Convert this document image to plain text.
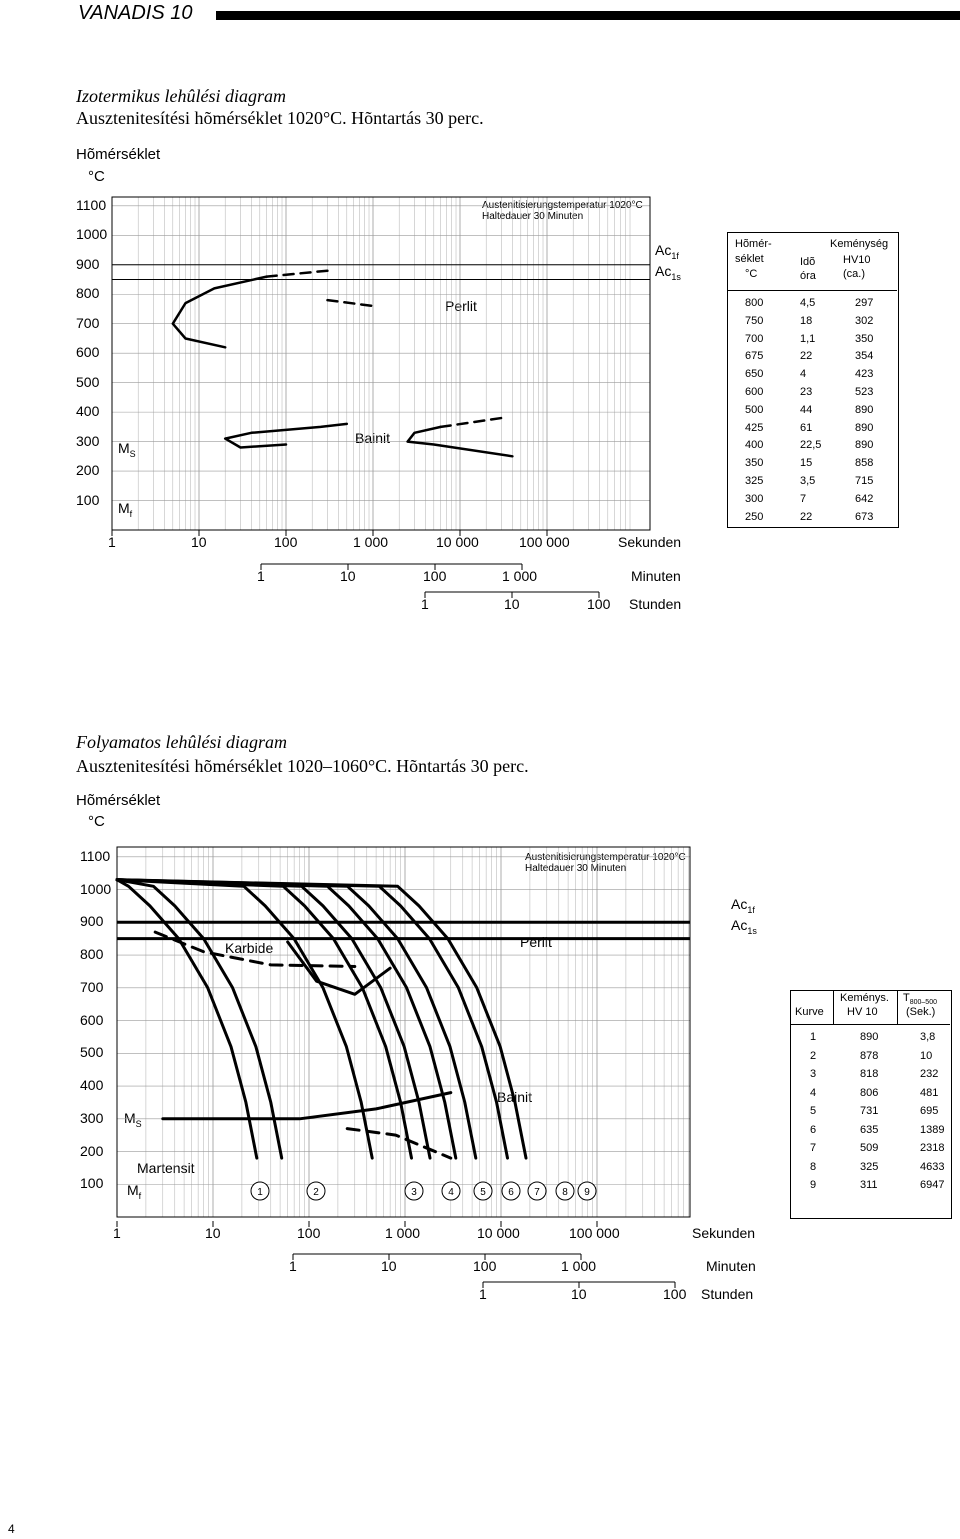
VANADIS 10
Izotermikus lehûlési diagram
Ausztenitesítési hõmérséklet 1020°C. Hõntartás 30 perc.
Hõmérséklet
°C
1100
1000
900
800
700
600
500
400
300
200
100
1	10	100	1 000	10 000	100 000	Sekunden
1	10	100	1 000	Minuten
1	10	100 Stunden
Austenitisierungstemperatur 1020°C
Haltedauer 30 Minuten
$Ac_{1f}$
$Ac_{1s}$
Perlit
Bainit
$M_S$
$M_f$
Hõmér-
séklet
°C
Idõ
óra
Keménység
HV10
(ca.)
800	4,5	297
750	18	302
700	1,1	350
675	22	354
650	4	423
600	23	523
500	44	890
425	61	890
400	22,5	890
350	15	858
325	3,5	715
300	7	642
250	22	673
Folyamatos lehûlési diagram
Ausztenitesítési hõmérséklet 1020–1060°C. Hõntartás 30 perc.
Hõmérséklet
°C
1100
1000
900
800
700
600
500
400
300
200
100
1	10	100	1 000	10 000	100 000	Sekunden
1	10	100	1 000	Minuten
1	10	100 Stunden
Austenitisierungstemperatur 1020°C
Haltedauer 30 Minuten
$Ac_{1f}$
$Ac_{1s}$
Karbide	Perlit
Bainit
Martensit
$M_S$
$M_f$
Kurve
Keménys.
HV 10
$T_{800-500}$
(Sek.)
1	890	3,8
2	878	10
3	818	232
4	806	481
5	731	695
6	635	1389
7	509	2318
8	325	4633
9	311	6947
1	2	3	4	5 6 7 8 9
4
